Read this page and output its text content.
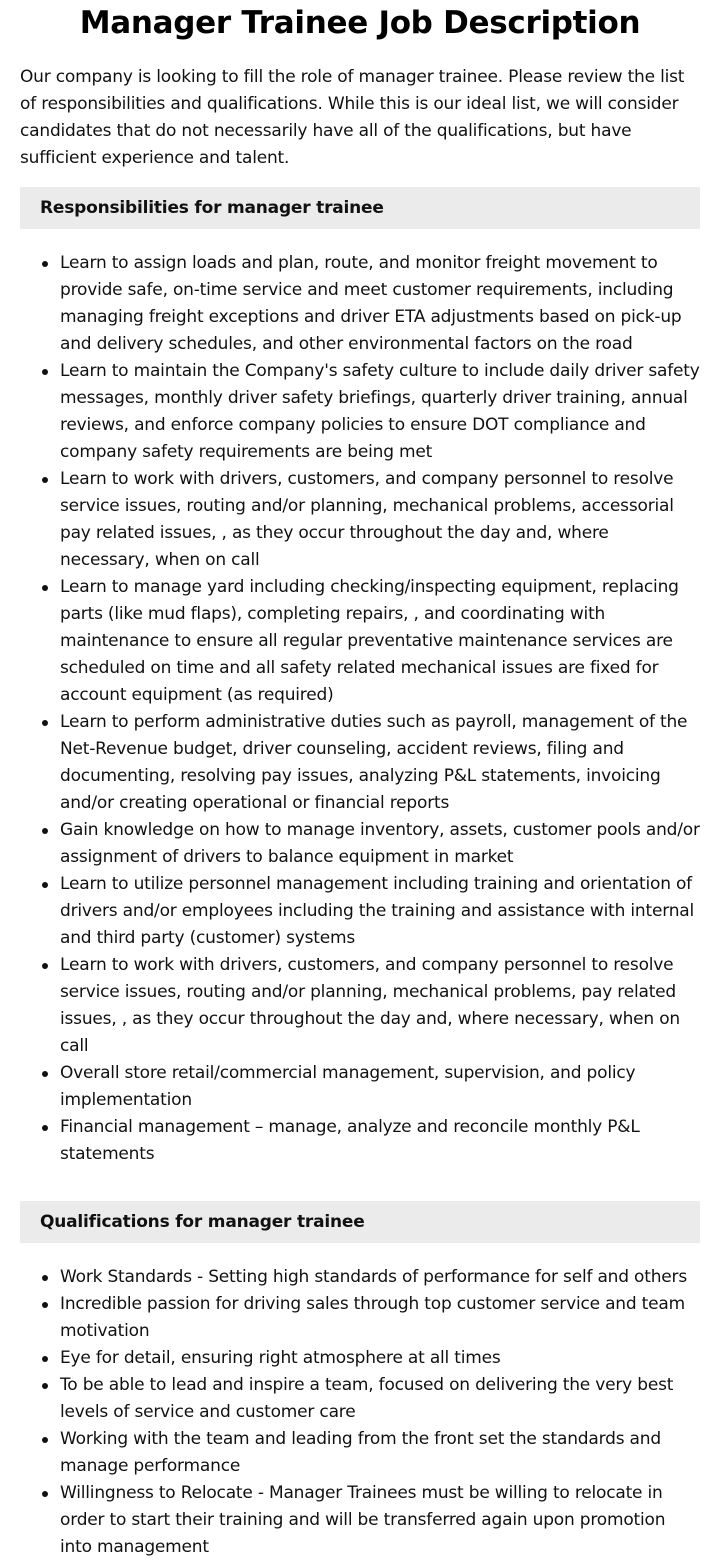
Manager Trainee Job Description

Our company is looking to fill the role of manager trainee. Please review the list of responsibilities and qualifications. While this is our ideal list, we will consider candidates that do not necessarily have all of the qualifications, but have sufficient experience and talent.

Responsibilities for manager trainee
Learn to assign loads and plan, route, and monitor freight movement to provide safe, on-time service and meet customer requirements, including managing freight exceptions and driver ETA adjustments based on pick-up and delivery schedules, and other environmental factors on the road
Learn to maintain the Company's safety culture to include daily driver safety messages, monthly driver safety briefings, quarterly driver training, annual reviews, and enforce company policies to ensure DOT compliance and company safety requirements are being met
Learn to work with drivers, customers, and company personnel to resolve service issues, routing and/or planning, mechanical problems, accessorial pay related issues, , as they occur throughout the day and, where necessary, when on call
Learn to manage yard including checking/inspecting equipment, replacing parts (like mud flaps), completing repairs, , and coordinating with maintenance to ensure all regular preventative maintenance services are scheduled on time and all safety related mechanical issues are fixed for account equipment (as required)
Learn to perform administrative duties such as payroll, management of the Net-Revenue budget, driver counseling, accident reviews, filing and documenting, resolving pay issues, analyzing P&L statements, invoicing and/or creating operational or financial reports
Gain knowledge on how to manage inventory, assets, customer pools and/or assignment of drivers to balance equipment in market
Learn to utilize personnel management including training and orientation of drivers and/or employees including the training and assistance with internal and third party (customer) systems
Learn to work with drivers, customers, and company personnel to resolve service issues, routing and/or planning, mechanical problems, pay related issues, , as they occur throughout the day and, where necessary, when on call
Overall store retail/commercial management, supervision, and policy implementation
Financial management – manage, analyze and reconcile monthly P&L statements
Qualifications for manager trainee
Work Standards - Setting high standards of performance for self and others
Incredible passion for driving sales through top customer service and team motivation
Eye for detail, ensuring right atmosphere at all times
To be able to lead and inspire a team, focused on delivering the very best levels of service and customer care
Working with the team and leading from the front set the standards and manage performance
Willingness to Relocate - Manager Trainees must be willing to relocate in order to start their training and will be transferred again upon promotion into management
